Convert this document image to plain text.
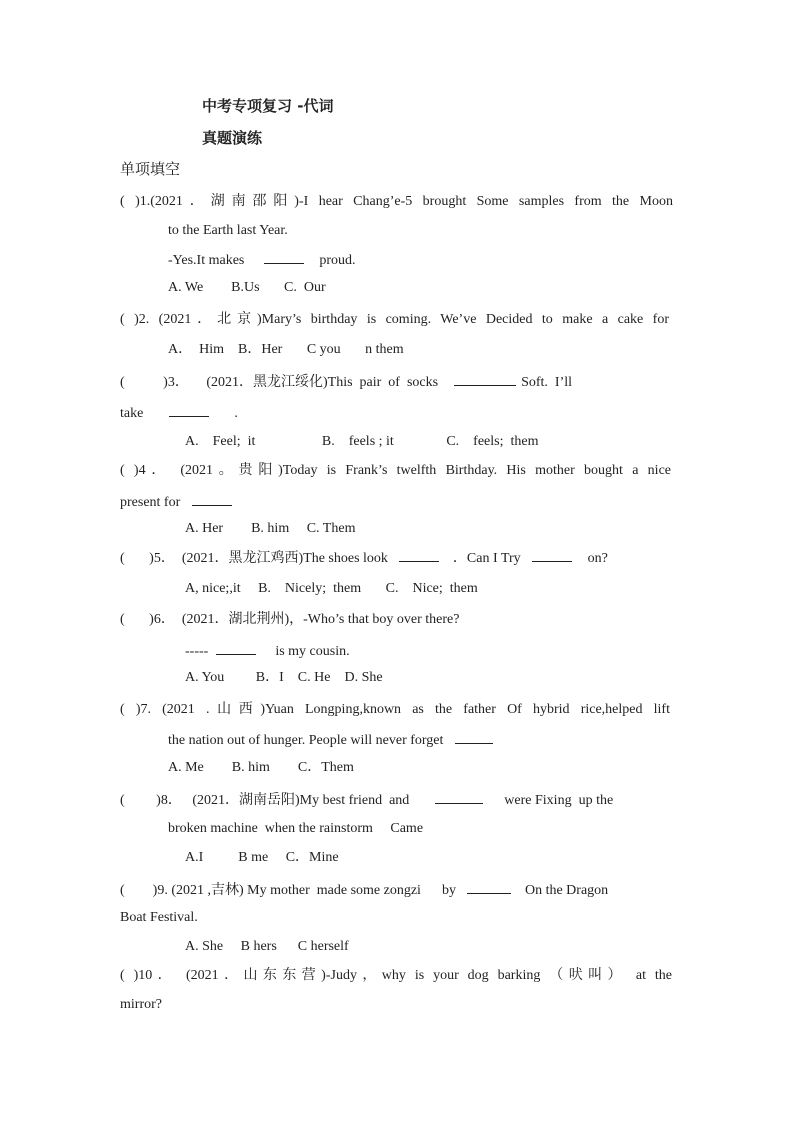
中考专项复习 -代词
真题演练
单项填空
( )1.(2021．湖南邵阳)-I hear Chang’e-5 brought Some samples from the Moon
to the Earth last Year.
-Yes.It makes	proud.
A. We        B.Us       C.  Our
( )2. (2021．北京)Mary’s birthday is coming. We’ve Decided to make a cake for
A．  Him    B．Her       C you       n them
(           )3．     (2021．黑龙江绥化)This  pair  of  socks	Soft.  I’ll
take	.
A.    Feel;  it                   B.    feels ; it               C.    feels;  them
( )4． (2021。贵阳)Today is Frank’s twelfth Birthday. His mother bought a nice
present for
A. Her        B. him     C. Them
(       )5．  (2021．黑龙江鸡西)The shoes look	．Can I Try	on?
A, nice;,it     B.    Nicely;  them       C.    Nice;  them
(       )6．  (2021．湖北荆州)，-Who’s that boy over there?
-----	is my cousin.
A. You         B．I    C. He    D. She
( )7. (2021 .山西)Yuan Longping,known as the father Of hybrid rice,helped lift
the nation out of hunger. People will never forget
A. Me        B. him        C．Them
(         )8．   (2021．湖南岳阳)My best friend  and	were Fixing  up the
broken machine  when the rainstorm     Came
A.I          B me     C．Mine
(        )9. (2021 ,吉林) My mother  made some zongzi      by	On the Dragon
Boat Festival.
A. She     B hers      C herself
( )10． (2021．山东东营)-Judy，why is your dog barking （吠叫） at the
mirror?
